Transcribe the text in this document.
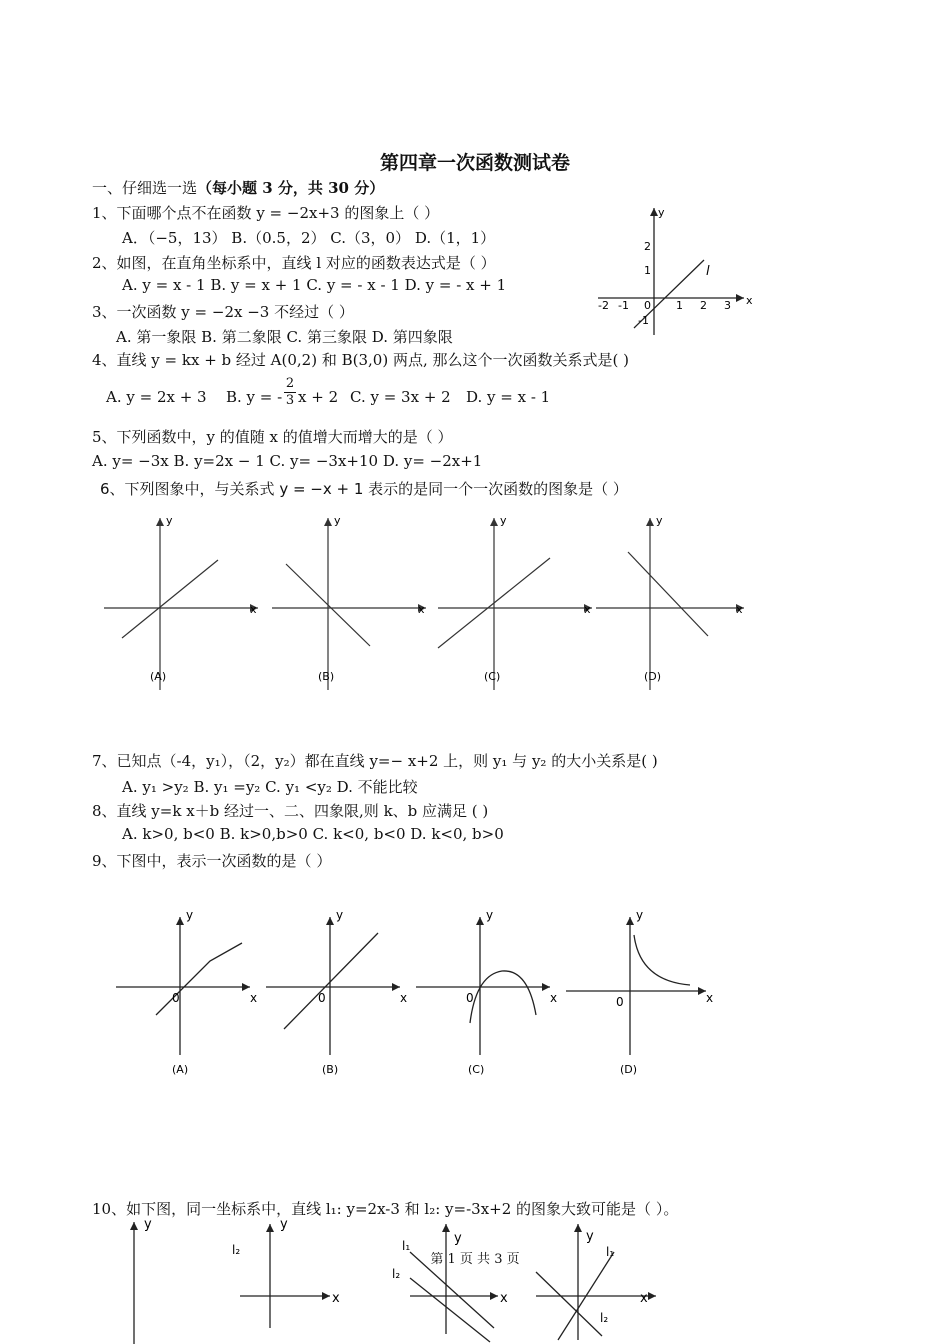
第四章一次函数测试卷
一、仔细选一选（每小题 3 分，共 30 分）
1、下面哪个点不在函数 y = −2x+3 的图象上（ ）
A．（−5，13） B.（0.5，2） C.（3，0） D.（1，1）
2、如图，在直角坐标系中，直线 l 对应的函数表达式是（ ）
A. y = x - 1 B. y = x + 1 C. y = - x - 1 D. y = - x + 1
x
y
l
0
-2 -1	1 2 3
2
1
-1
3、一次函数 y = −2x −3 不经过（ ）
A. 第一象限 B. 第二象限 C. 第三象限 D. 第四象限
4、直线 y = kx + b 经过 A(0,2) 和 B(3,0) 两点, 那么这个一次函数关系式是( )
A. y = 2x + 3 B. y = - $\frac{2}{3}$ x + 2 C. y = 3x + 2 D. y = x - 1
5、下列函数中，y 的值随 x 的值增大而增大的是（ ）
A. y= −3x B. y=2x − 1 C. y= −3x+10 D. y= −2x+1
6、下列图象中，与关系式 y = −x + 1 表示的是同一个一次函数的图象是（ ）
y
x
(A)
y
x
(B)
y
x
(C)
y
x
(D)
7、已知点（-4，y₁），（2，y₂）都在直线 y=− x+2 上，则 y₁ 与 y₂ 的大小关系是( )
A. y₁ >y₂ B. y₁ =y₂ C. y₁ <y₂ D. 不能比较
8、直线 y=k x＋b 经过一、二、四象限,则 k、b 应满足 ( )
A. k>0, b<0 B. k>0,b>0 C. k<0, b<0 D. k<0, b>0
9、下图中，表示一次函数的是（ ）
y
x
0
(A)
y
x
0
(B)
y
x
0
(C)
y
x
0
(D)
10、如下图，同一坐标系中，直线 l₁: y=2x-3 和 l₂: y=-3x+2 的图象大致可能是（ ）。
y	y
x
l₂
y
x
l₁
l₂
y
x
l₁
l₂
第 1 页 共 3 页
